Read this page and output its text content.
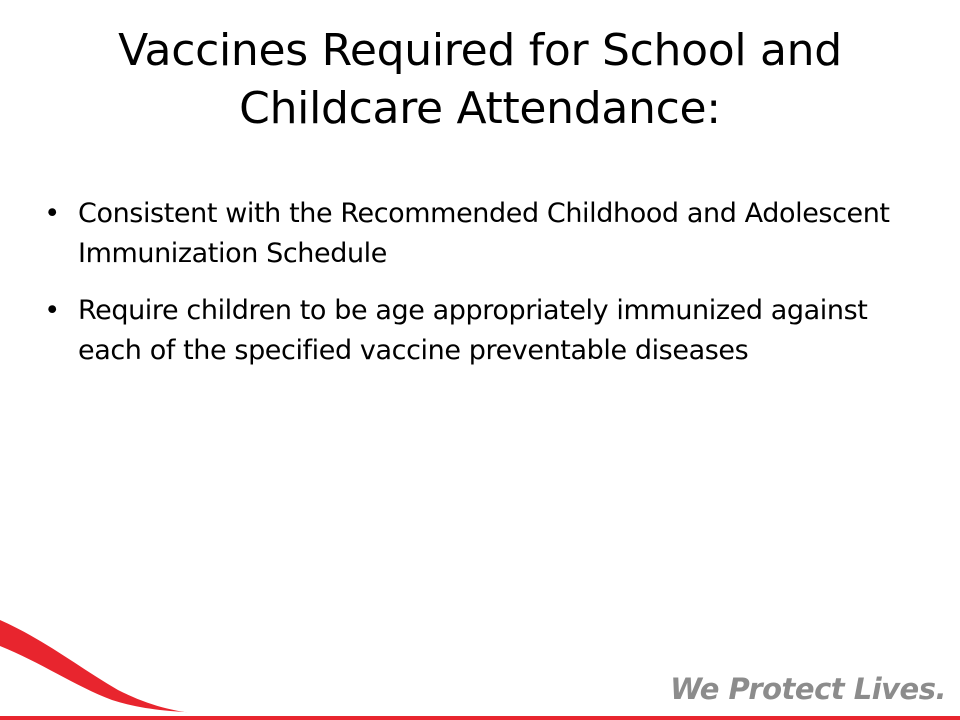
Vaccines Required for School and Childcare Attendance:
• Consistent with the Recommended Childhood and Adolescent Immunization Schedule
• Require children to be age appropriately immunized against each of the specified vaccine preventable diseases
We Protect Lives.
